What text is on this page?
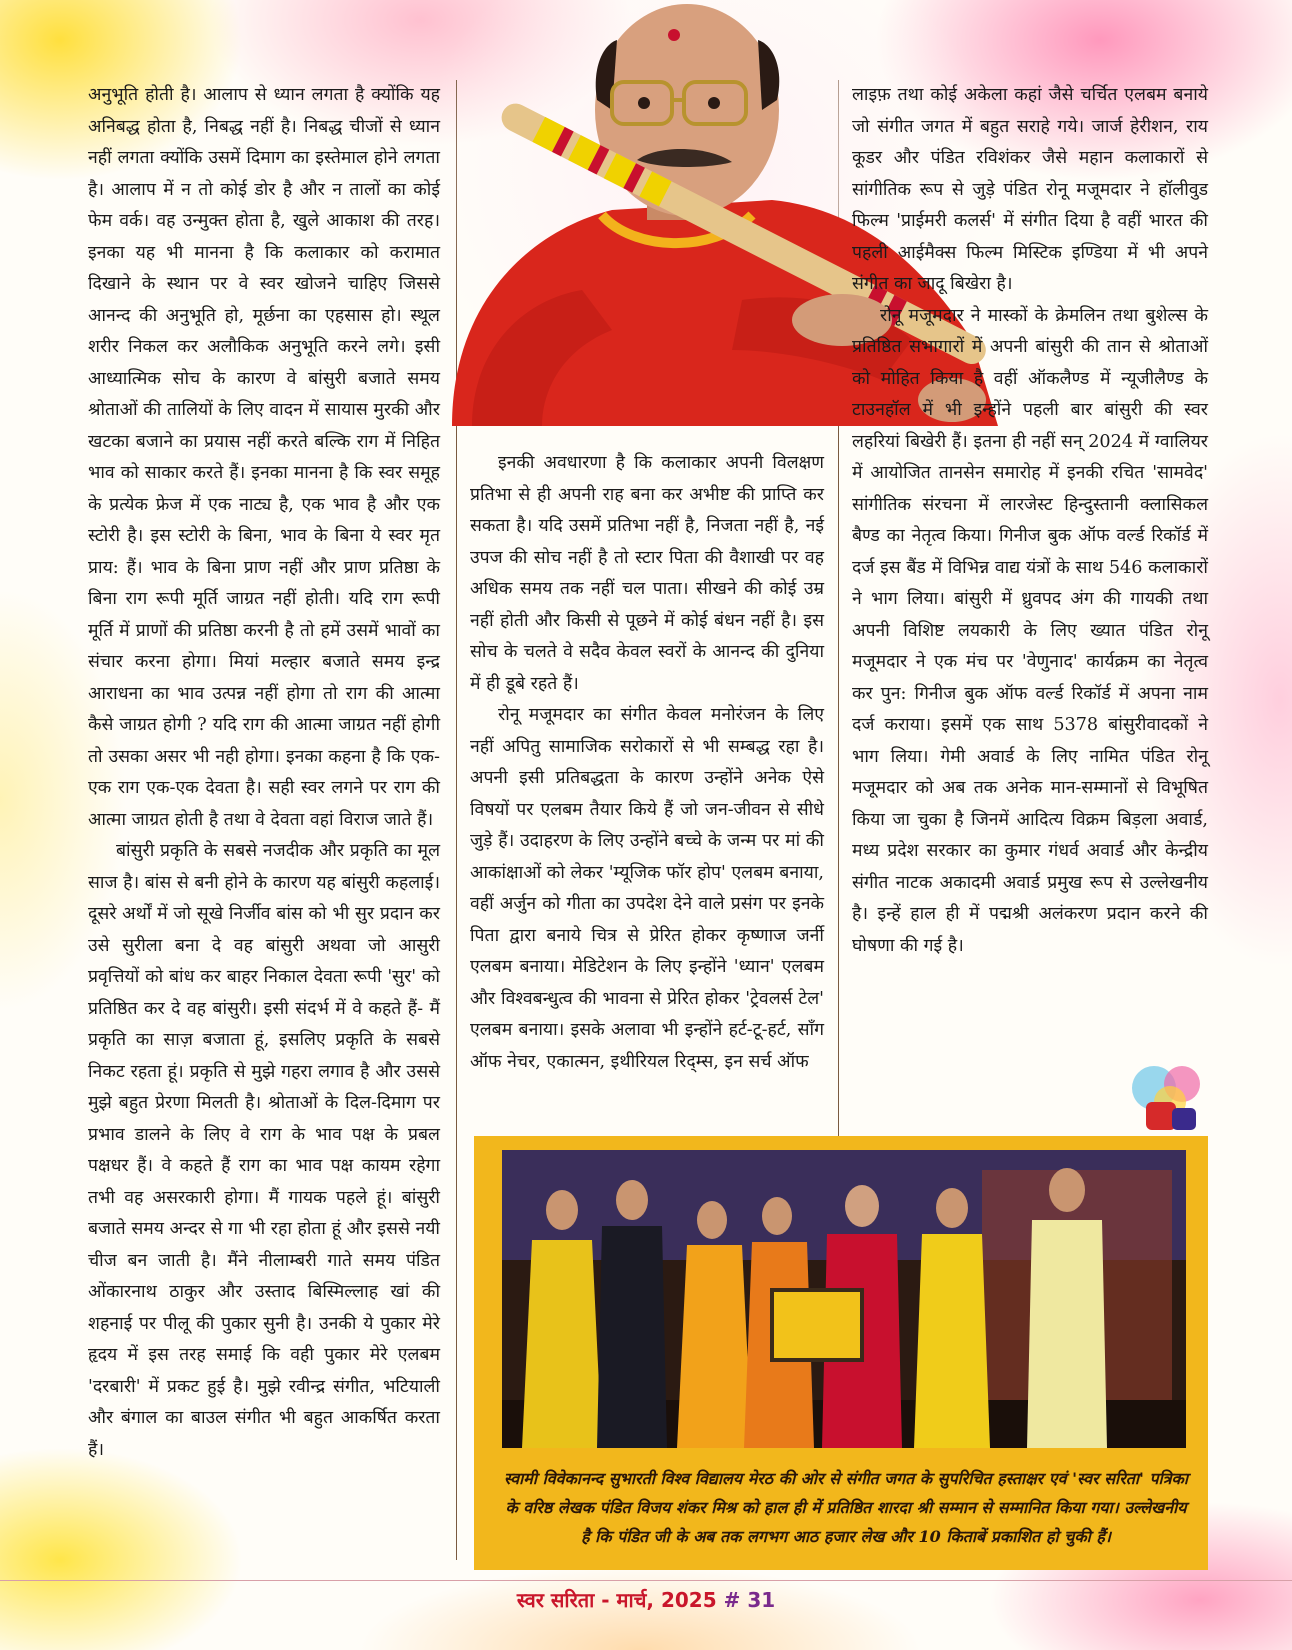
अनुभूति होती है। आलाप से ध्यान लगता है क्योंकि यह अनिबद्ध होता है, निबद्ध नहीं है। निबद्ध चीजों से ध्यान नहीं लगता क्योंकि उसमें दिमाग का इस्तेमाल होने लगता है। आलाप में न तो कोई डोर है और न तालों का कोई फेम वर्क। वह उन्मुक्त होता है, खुले आकाश की तरह। इनका यह भी मानना है कि कलाकार को करामात दिखाने के स्थान पर वे स्वर खोजने चाहिए जिससे आनन्द की अनुभूति हो, मूर्छना का एहसास हो। स्थूल शरीर निकल कर अलौकिक अनुभूति करने लगे। इसी आध्यात्मिक सोच के कारण वे बांसुरी बजाते समय श्रोताओं की तालियों के लिए वादन में सायास मुरकी और खटका बजाने का प्रयास नहीं करते बल्कि राग में निहित भाव को साकार करते हैं। इनका मानना है कि स्वर समूह के प्रत्येक फ्रेज में एक नाट्य है, एक भाव है और एक स्टोरी है। इस स्टोरी के बिना, भाव के बिना ये स्वर मृत प्राय: हैं। भाव के बिना प्राण नहीं और प्राण प्रतिष्ठा के बिना राग रूपी मूर्ति जाग्रत नहीं होती। यदि राग रूपी मूर्ति में प्राणों की प्रतिष्ठा करनी है तो हमें उसमें भावों का संचार करना होगा। मियां मल्हार बजाते समय इन्द्र आराधना का भाव उत्पन्न नहीं होगा तो राग की आत्मा कैसे जाग्रत होगी ? यदि राग की आत्मा जाग्रत नहीं होगी तो उसका असर भी नही होगा। इनका कहना है कि एक-एक राग एक-एक देवता है। सही स्वर लगने पर राग की आत्मा जाग्रत होती है तथा वे देवता वहां विराज जाते हैं।

बांसुरी प्रकृति के सबसे नजदीक और प्रकृति का मूल साज है। बांस से बनी होने के कारण यह बांसुरी कहलाई। दूसरे अर्थों में जो सूखे निर्जीव बांस को भी सुर प्रदान कर उसे सुरीला बना दे वह बांसुरी अथवा जो आसुरी प्रवृत्तियों को बांध कर बाहर निकाल देवता रूपी 'सुर' को प्रतिष्ठित कर दे वह बांसुरी। इसी संदर्भ में वे कहते हैं- मैं प्रकृति का साज़ बजाता हूं, इसलिए प्रकृति के सबसे निकट रहता हूं। प्रकृति से मुझे गहरा लगाव है और उससे मुझे बहुत प्रेरणा मिलती है। श्रोताओं के दिल-दिमाग पर प्रभाव डालने के लिए वे राग के भाव पक्ष के प्रबल पक्षधर हैं। वे कहते हैं राग का भाव पक्ष कायम रहेगा तभी वह असरकारी होगा। मैं गायक पहले हूं। बांसुरी बजाते समय अन्दर से गा भी रहा होता हूं और इससे नयी चीज बन जाती है। मैंने नीलाम्बरी गाते समय पंडित ओंकारनाथ ठाकुर और उस्ताद बिस्मिल्लाह खां की शहनाई पर पीलू की पुकार सुनी है। उनकी ये पुकार मेरे हृदय में इस तरह समाई कि वही पुकार मेरे एलबम 'दरबारी' में प्रकट हुई है। मुझे रवीन्द्र संगीत, भटियाली और बंगाल का बाउल संगीत भी बहुत आकर्षित करता हैं।

इनकी अवधारणा है कि कलाकार अपनी विलक्षण प्रतिभा से ही अपनी राह बना कर अभीष्ट की प्राप्ति कर सकता है। यदि उसमें प्रतिभा नहीं है, निजता नहीं है, नई उपज की सोच नहीं है तो स्टार पिता की वैशाखी पर वह अधिक समय तक नहीं चल पाता। सीखने की कोई उम्र नहीं होती और किसी से पूछने में कोई बंधन नहीं है। इस सोच के चलते वे सदैव केवल स्वरों के आनन्द की दुनिया में ही डूबे रहते हैं।

रोनू मजूमदार का संगीत केवल मनोरंजन के लिए नहीं अपितु सामाजिक सरोकारों से भी सम्बद्ध रहा है। अपनी इसी प्रतिबद्धता के कारण उन्होंने अनेक ऐसे विषयों पर एलबम तैयार किये हैं जो जन-जीवन से सीधे जुड़े हैं। उदाहरण के लिए उन्होंने बच्चे के जन्म पर मां की आकांक्षाओं को लेकर 'म्यूजिक फॉर होप' एलबम बनाया, वहीं अर्जुन को गीता का उपदेश देने वाले प्रसंग पर इनके पिता द्वारा बनाये चित्र से प्रेरित होकर कृष्णाज जर्नी एलबम बनाया। मेडिटेशन के लिए इन्होंने 'ध्यान' एलबम और विश्वबन्धुत्व की भावना से प्रेरित होकर 'ट्रेवलर्स टेल' एलबम बनाया। इसके अलावा भी इन्होंने हर्ट-टू-हर्ट, सॉंग ऑफ नेचर, एकात्मन, इथीरियल रिद्म्स, इन सर्च ऑफ

लाइफ़ तथा कोई अकेला कहां जैसे चर्चित एलबम बनाये जो संगीत जगत में बहुत सराहे गये। जार्ज हेरीशन, राय कूडर और पंडित रविशंकर जैसे महान कलाकारों से सांगीतिक रूप से जुड़े पंडित रोनू मजूमदार ने हॉलीवुड फिल्म 'प्राईमरी कलर्स' में संगीत दिया है वहीं भारत की पहली आईमैक्स फिल्म मिस्टिक इण्डिया में भी अपने संगीत का जादू बिखेरा है।

रोनू मजूमदार ने मास्कों के क्रेमलिन तथा बुशेल्स के प्रतिष्ठित सभागारों में अपनी बांसुरी की तान से श्रोताओं को मोहित किया है वहीं ऑकलैण्ड में न्यूजीलैण्ड के टाउनहॉल में भी इन्होंने पहली बार बांसुरी की स्वर लहरियां बिखेरी हैं। इतना ही नहीं सन् 2024 में ग्वालियर में आयोजित तानसेन समारोह में इनकी रचित 'सामवेद' सांगीतिक संरचना में लारजेस्ट हिन्दुस्तानी क्लासिकल बैण्ड का नेतृत्व किया। गिनीज बुक ऑफ वर्ल्ड रिकॉर्ड में दर्ज इस बैंड में विभिन्न वाद्य यंत्रों के साथ 546 कलाकारों ने भाग लिया। बांसुरी में ध्रुवपद अंग की गायकी तथा अपनी विशिष्ट लयकारी के लिए ख्यात पंडित रोनू मजूमदार ने एक मंच पर 'वेणुनाद' कार्यक्रम का नेतृत्व कर पुन: गिनीज बुक ऑफ वर्ल्ड रिकॉर्ड में अपना नाम दर्ज कराया। इसमें एक साथ 5378 बांसुरीवादकों ने भाग लिया। गेमी अवार्ड के लिए नामित पंडित रोनू मजूमदार को अब तक अनेक मान-सम्मानों से विभूषित किया जा चुका है जिनमें आदित्य विक्रम बिड़ला अवार्ड, मध्य प्रदेश सरकार का कुमार गंधर्व अवार्ड और केन्द्रीय संगीत नाटक अकादमी अवार्ड प्रमुख रूप से उल्लेखनीय है। इन्हें हाल ही में पद्मश्री अलंकरण प्रदान करने की घोषणा की गई है।

स्वामी विवेकानन्द सुभारती विश्व विद्यालय मेरठ की ओर से संगीत जगत के सुपरिचित हस्ताक्षर एवं 'स्वर सरिता' पत्रिका के वरिष्ठ लेखक पंडित विजय शंकर मिश्र को हाल ही में प्रतिष्ठित शारदा श्री सम्मान से सम्मानित किया गया। उल्लेखनीय है कि पंडित जी के अब तक लगभग आठ हजार लेख और 10 किताबें प्रकाशित हो चुकी हैं।

स्वर सरिता - मार्च, 2025 # 31
